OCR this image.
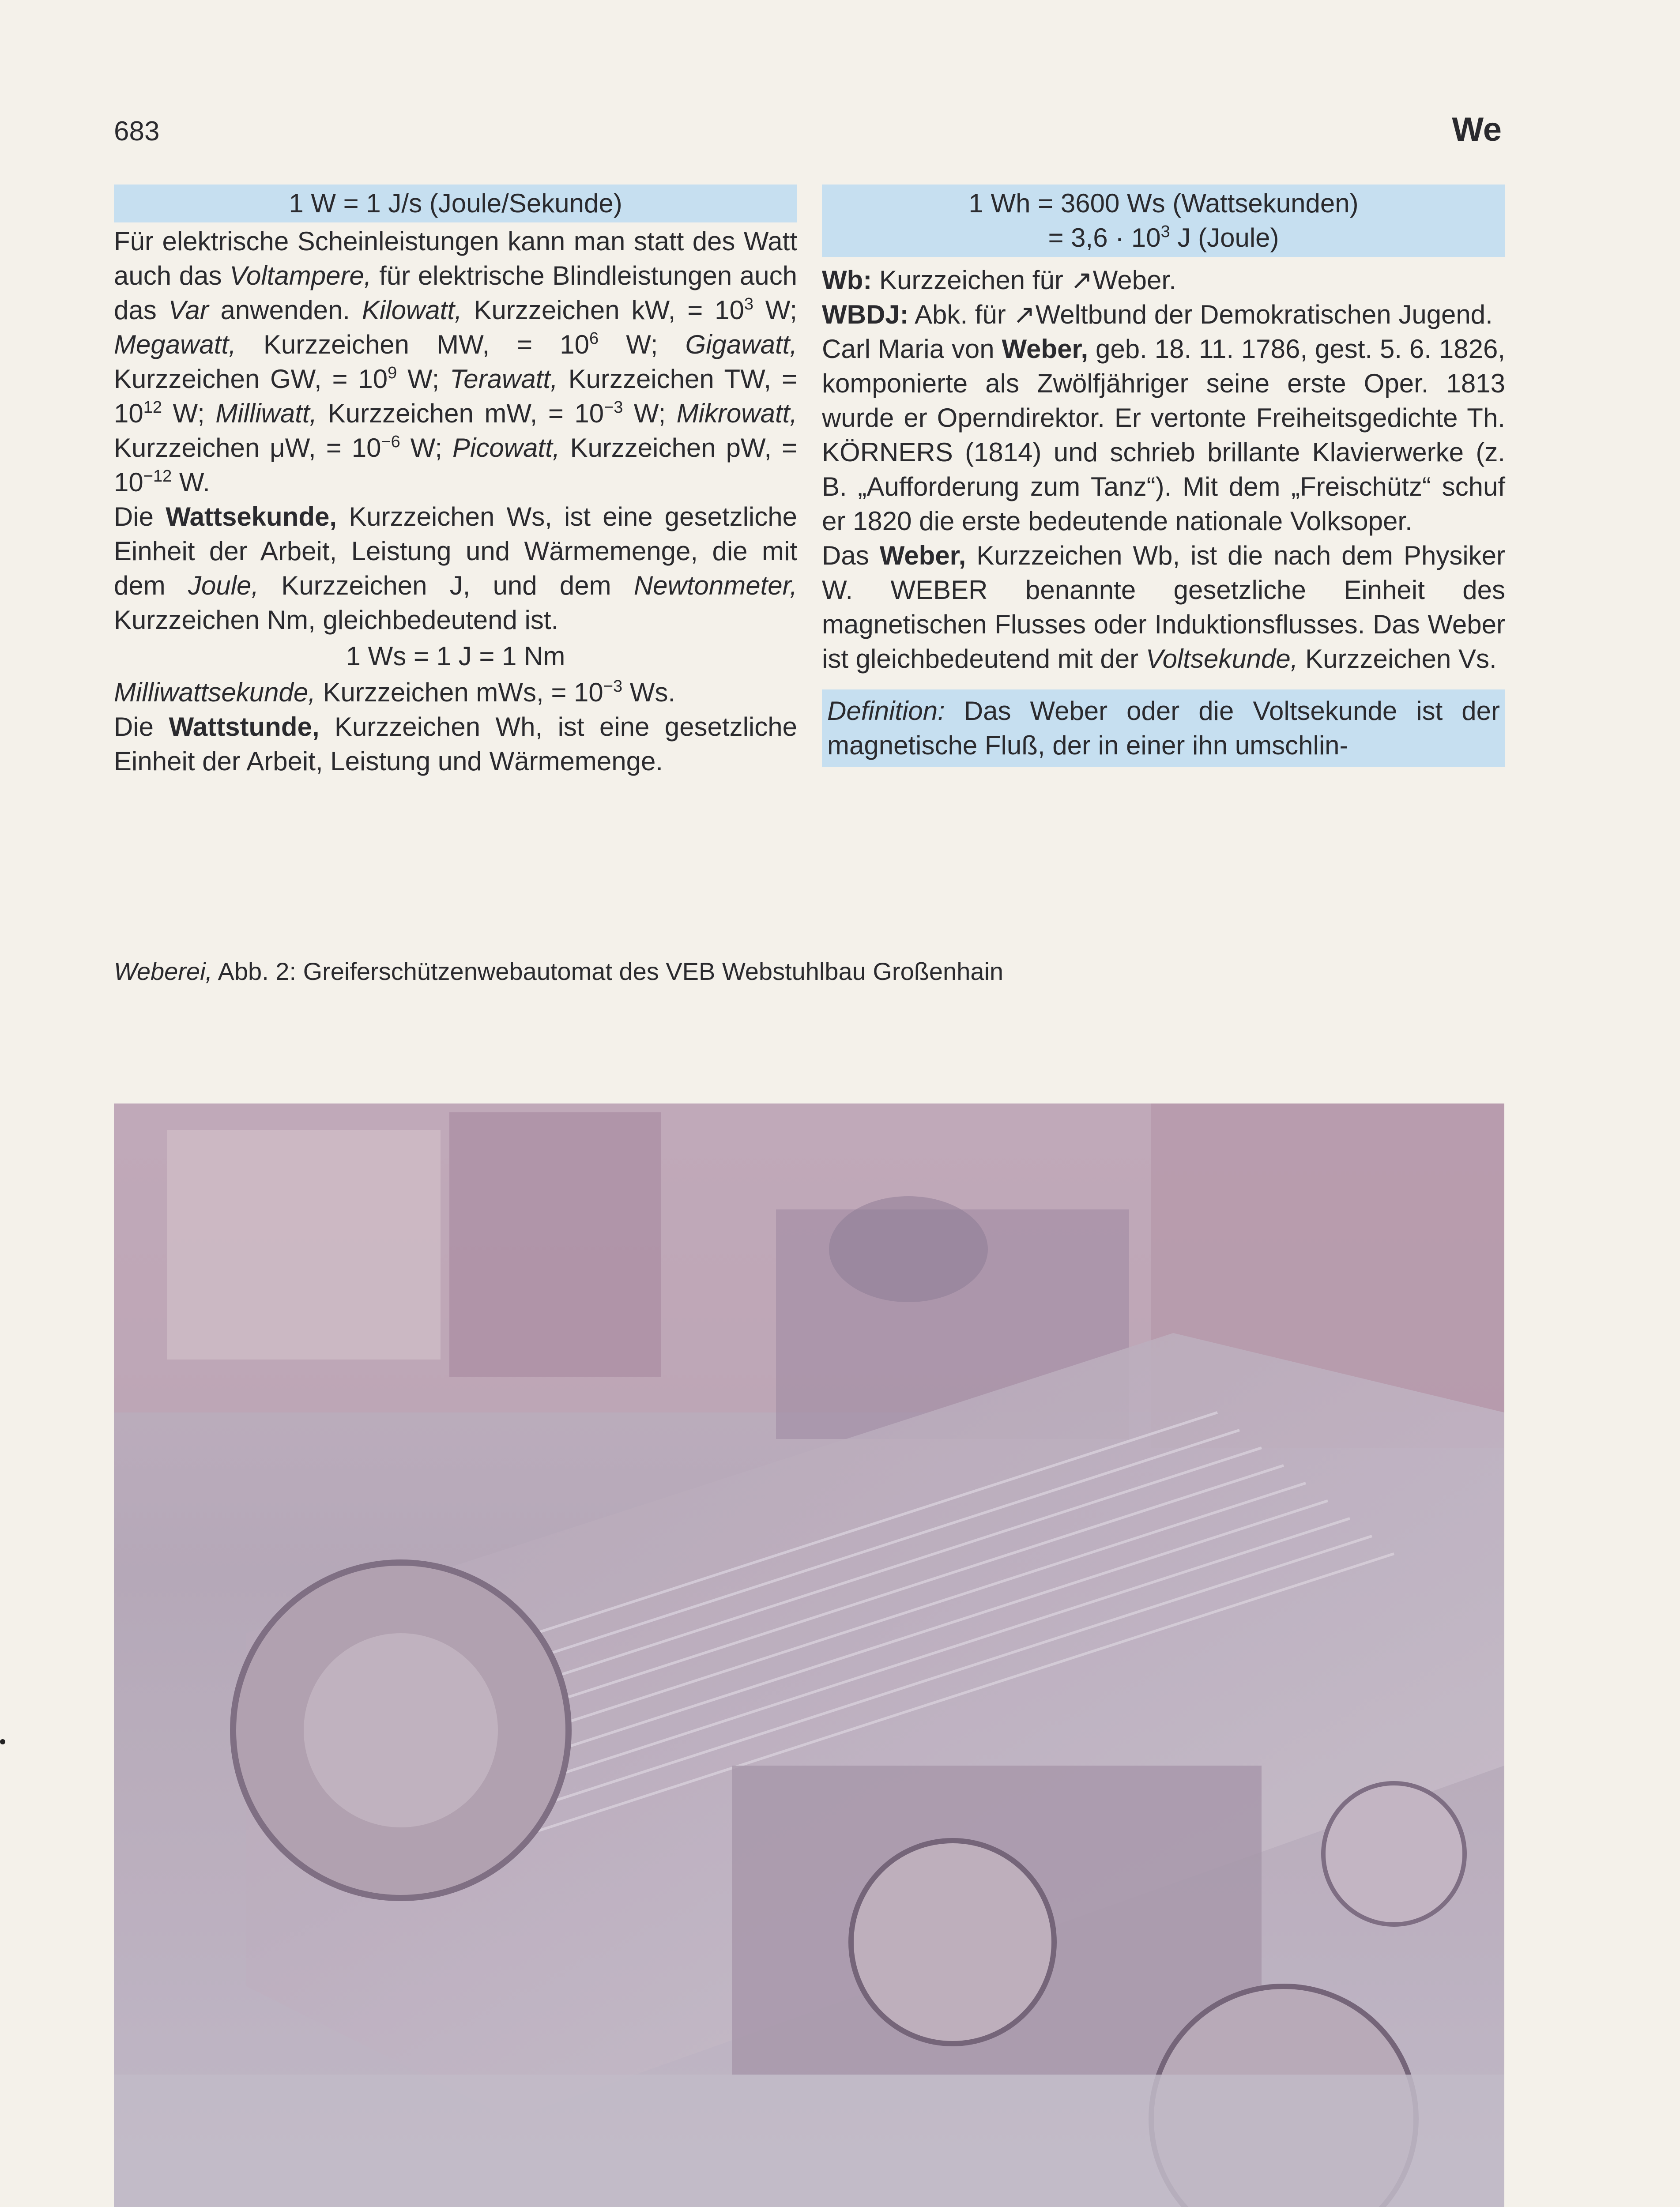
683	We
1 W = 1 J/s (Joule/Sekunde)

Für elektrische Scheinleistungen kann man statt des Watt auch das Voltampere, für elektrische Blindleistungen auch das Var anwenden. Kilowatt, Kurzzeichen kW, = $10^3$ W; Megawatt, Kurzzeichen MW, = $10^6$ W; Gigawatt, Kurzzeichen GW, = $10^9$ W; Terawatt, Kurzzeichen TW, = $10^{12}$ W; Milliwatt, Kurzzeichen mW, = $10^{-3}$ W; Mikrowatt, Kurzzeichen μW, = $10^{-6}$ W; Picowatt, Kurzzeichen pW, = $10^{-12}$ W.

Die Wattsekunde, Kurzzeichen Ws, ist eine gesetzliche Einheit der Arbeit, Leistung und Wärmemenge, die mit dem Joule, Kurzzeichen J, und dem Newtonmeter, Kurzzeichen Nm, gleichbedeutend ist.

1 Ws = 1 J = 1 Nm

Milliwattsekunde, Kurzzeichen mWs, = $10^{-3}$ Ws.

Die Wattstunde, Kurzzeichen Wh, ist eine gesetzliche Einheit der Arbeit, Leistung und Wärmemenge.

1 Wh = 3600 Ws (Wattsekunden)
= $3,6 \cdot 10^3$ J (Joule)

Wb: Kurzzeichen für ↗Weber.

WBDJ: Abk. für ↗Weltbund der Demokratischen Jugend.

Carl Maria von Weber, geb. 18. 11. 1786, gest. 5. 6. 1826, komponierte als Zwölfjähriger seine erste Oper. 1813 wurde er Operndirektor. Er vertonte Freiheitsgedichte Th. KÖRNERS (1814) und schrieb brillante Klavierwerke (z. B. „Aufforderung zum Tanz“). Mit dem „Freischütz“ schuf er 1820 die erste bedeutende nationale Volksoper.

Das Weber, Kurzzeichen Wb, ist die nach dem Physiker W. WEBER benannte gesetzliche Einheit des magnetischen Flusses oder Induktionsflusses. Das Weber ist gleichbedeutend mit der Voltsekunde, Kurzzeichen Vs.

Definition: Das Weber oder die Voltsekunde ist der magnetische Fluß, der in einer ihn umschlin-
Weberei, Abb. 2: Greiferschützenwebautomat des VEB Webstuhlbau Großenhain
